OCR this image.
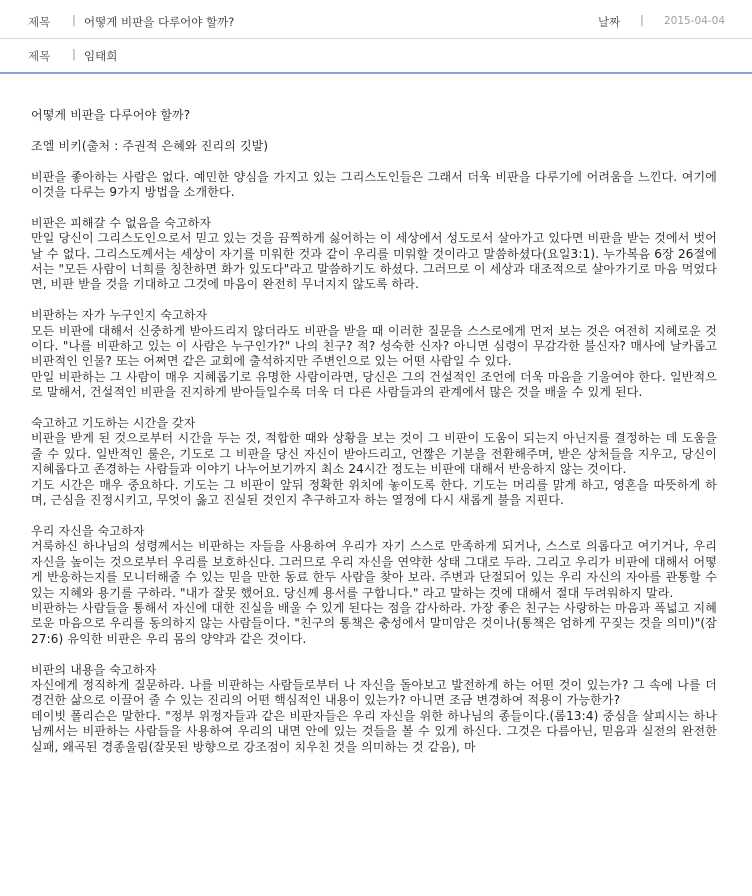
제목 | 어떻게 비판을 다루어야 할까?	날짜 | 2015-04-04
제목 | 임태희

어떻게 비판을 다루어야 할까?

조엘 비키(출처 : 주권적 은혜와 진리의 깃발)

비판을 좋아하는 사람은 없다. 예민한 양심을 가지고 있는 그리스도인들은 그래서 더욱 비판을 다루기에 어려움을 느낀다. 여기에 이것을 다루는 9가지 방법을 소개한다.

비판은 피해갈 수 없음을 숙고하자
만일 당신이 그리스도인으로서 믿고 있는 것을 끔찍하게 싫어하는 이 세상에서 성도로서 살아가고 있다면 비판을 받는 것에서 벗어날 수 없다. 그리스도께서는 세상이 자기를 미워한 것과 같이 우리를 미워할 것이라고 말씀하셨다(요일3:1). 누가복음 6장 26절에서는 "모든 사람이 너희를 칭찬하면 화가 있도다"라고 말씀하기도 하셨다. 그러므로 이 세상과 대조적으로 살아가기로 마음 먹었다면, 비판 받을 것을 기대하고 그것에 마음이 완전히 무너지지 않도록 하라.
비판하는 자가 누구인지 숙고하자
모든 비판에 대해서 신중하게 받아드리지 않더라도 비판을 받을 때 이러한 질문을 스스로에게 먼저 보는 것은 여전히 지혜로운 것이다. "나를 비판하고 있는 이 사람은 누구인가?" 나의 친구? 적? 성숙한 신자? 아니면 심령이 무감각한 불신자? 매사에 날카롭고 비판적인 인물? 또는 어쩌면 같은 교회에 출석하지만 주변인으로 있는 어떤 사람일 수 있다.
만일 비판하는 그 사람이 매우 지혜롭기로 유명한 사람이라면, 당신은 그의 건설적인 조언에 더욱 마음을 기울여야 한다. 일반적으로 말해서, 건설적인 비판을 진지하게 받아들일수록 더욱 더 다른 사람들과의 관계에서 많은 것을 배울 수 있게 된다.
숙고하고 기도하는 시간을 갖자
비판을 받게 된 것으로부터 시간을 두는 것, 적합한 때와 상황을 보는 것이 그 비판이 도움이 되는지 아닌지를 결정하는 데 도움을 줄 수 있다. 일반적인 룰은, 기도로 그 비판을 당신 자신이 받아드리고, 언짢은 기분을 전환해주며, 받은 상처들을 지우고, 당신이 지혜롭다고 존경하는 사람들과 이야기 나누어보기까지 최소 24시간 정도는 비판에 대해서 반응하지 않는 것이다.
기도 시간은 매우 중요하다. 기도는 그 비판이 앞뒤 정확한 위치에 놓이도록 한다. 기도는 머리를 맑게 하고, 영혼을 따뜻하게 하며, 근심을 진정시키고, 무엇이 옳고 진실된 것인지 추구하고자 하는 열정에 다시 새롭게 불을 지핀다.
우리 자신을 숙고하자
거룩하신 하나님의 성령께서는 비판하는 자들을 사용하여 우리가 자기 스스로 만족하게 되거나, 스스로 의롭다고 여기거나, 우리 자신을 높이는 것으로부터 우리를 보호하신다. 그러므로 우리 자신을 연약한 상태 그대로 두라. 그리고 우리가 비판에 대해서 어떻게 반응하는지를 모니터해줄 수 있는 믿을 만한 동료 한두 사람을 찾아 보라. 주변과 단절되어 있는 우리 자신의 자아를 관통할 수 있는 지혜와 용기를 구하라. "내가 잘못 했어요. 당신께 용서를 구합니다." 라고 말하는 것에 대해서 절대 두려워하지 말라.
비판하는 사람들을 통해서 자신에 대한 진실을 배울 수 있게 된다는 점을 감사하라. 가장 좋은 친구는 사랑하는 마음과 폭넓고 지혜로운 마음으로 우리를 동의하지 않는 사람들이다. "친구의 통책은 충성에서 말미암은 것이나(통책은 엄하게 꾸짖는 것을 의미)"(잠27:6) 유익한 비판은 우리 몸의 양약과 같은 것이다.
비판의 내용을 숙고하자
자신에게 정직하게 질문하라. 나를 비판하는 사람들로부터 나 자신을 돌아보고 발전하게 하는 어떤 것이 있는가? 그 속에 나를 더 경건한 삶으로 이끌어 줄 수 있는 진리의 어떤 핵심적인 내용이 있는가? 아니면 조금 변경하여 적용이 가능한가?
데이빗 폴리슨은 말한다. "정부 위정자들과 같은 비판자들은 우리 자신을 위한 하나님의 종들이다.(롬13:4) 중심을 살피시는 하나님께서는 비판하는 사람들을 사용하여 우리의 내면 안에 있는 것들을 볼 수 있게 하신다. 그것은 다름아닌, 믿음과 실전의 완전한 실패, 왜곡된 경종울림(잘못된 방향으로 강조점이 치우친 것을 의미하는 것 같음), 마
